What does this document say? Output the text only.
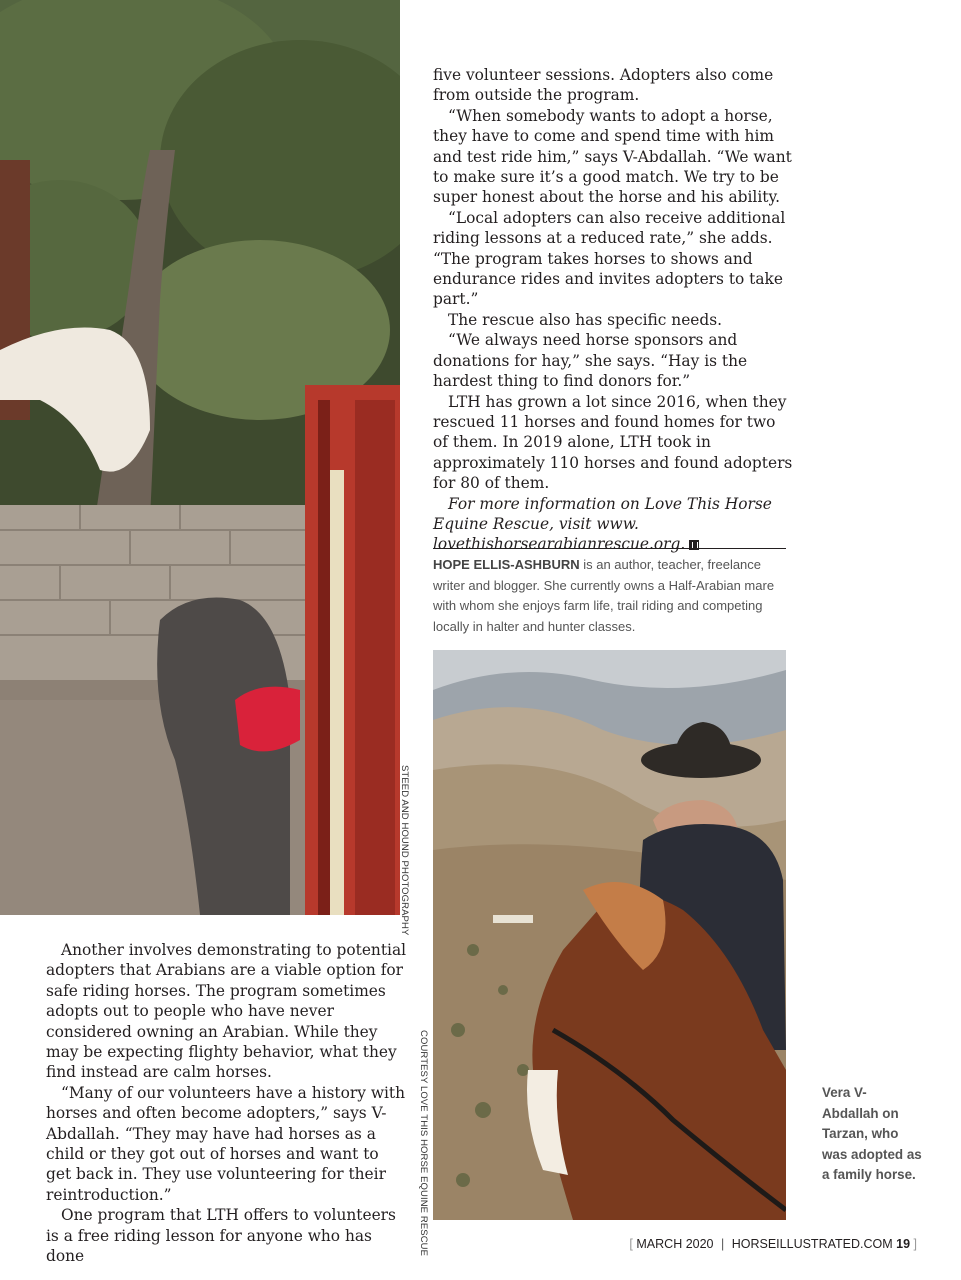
STEED AND HOUND PHOTOGRAPHY

five volunteer sessions. Adopters also come from outside the program.

“When somebody wants to adopt a horse, they have to come and spend time with him and test ride him,” says V-Abdallah. “We want to make sure it’s a good match. We try to be super honest about the horse and his ability.

“Local adopters can also receive additional riding lessons at a reduced rate,” she adds. “The program takes horses to shows and endurance rides and invites adopters to take part.”

The rescue also has specific needs.

“We always need horse sponsors and donations for hay,” she says. “Hay is the hardest thing to find donors for.”

LTH has grown a lot since 2016, when they rescued 11 horses and found homes for two of them. In 2019 alone, LTH took in approximately 110 horses and found adopters for 80 of them.

For more information on Love This Horse Equine Rescue, visit www. lovethishorsearabianrescue.org.

HOPE ELLIS-ASHBURN is an author, teacher, freelance writer and blogger. She currently owns a Half-Arabian mare with whom she enjoys farm life, trail riding and competing locally in halter and hunter classes.
COURTESY LOVE THIS HORSE EQUINE RESCUE

Another involves demonstrating to potential adopters that Arabians are a viable option for safe riding horses. The program sometimes adopts out to people who have never considered owning an Arabian. While they may be expecting flighty behavior, what they find instead are calm horses.

“Many of our volunteers have a history with horses and often become adopters,” says V-Abdallah. “They may have had horses as a child or they got out of horses and want to get back in. They use volunteering for their reintroduction.”

One program that LTH offers to volunteers is a free riding lesson for anyone who has done

Vera V-Abdallah on Tarzan, who was adopted as a family horse.
[ MARCH 2020 | HORSEILLUSTRATED.COM 19 ]
